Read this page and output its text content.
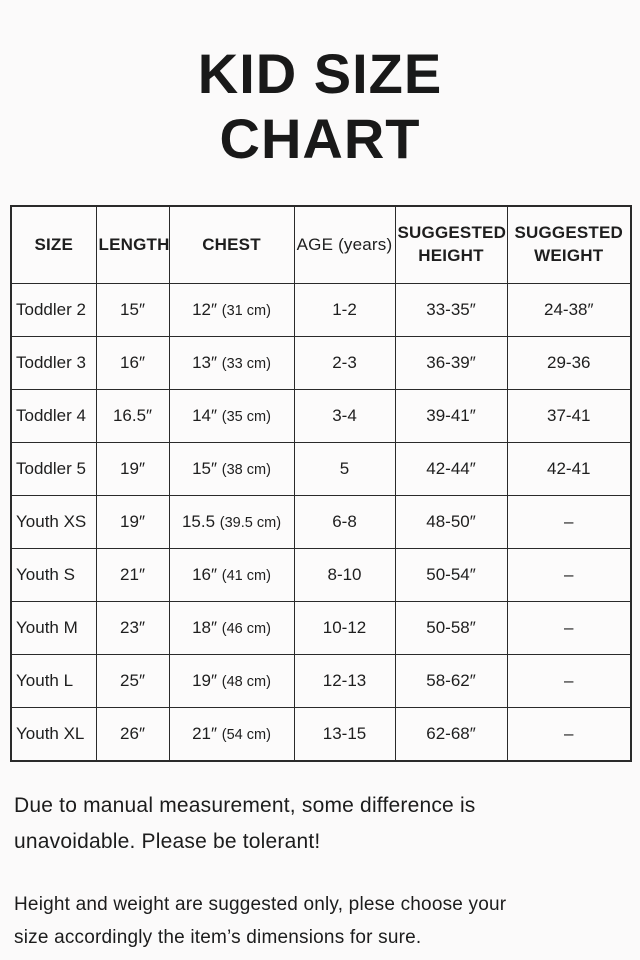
KID SIZE
CHART
SIZE	LENGTH	CHEST	AGE (years)	SUGGESTED HEIGHT	SUGGESTED WEIGHT
Toddler 2	15″	12″ (31 cm)	1-2	33-35″	24-38″
Toddler 3	16″	13″ (33 cm)	2-3	36-39″	29-36
Toddler 4	16.5″	14″ (35 cm)	3-4	39-41″	37-41
Toddler 5	19″	15″ (38 cm)	5	42-44″	42-41
Youth XS	19″	15.5 (39.5 cm)	6-8	48-50″	–
Youth S	21″	16″ (41 cm)	8-10	50-54″	–
Youth M	23″	18″ (46 cm)	10-12	50-58″	–
Youth L	25″	19″ (48 cm)	12-13	58-62″	–
Youth XL	26″	21″ (54 cm)	13-15	62-68″	–

Due to manual measurement, some difference is
unavoidable. Please be tolerant!

Height and weight are suggested only, plese choose your
size accordingly the item’s dimensions for sure.
